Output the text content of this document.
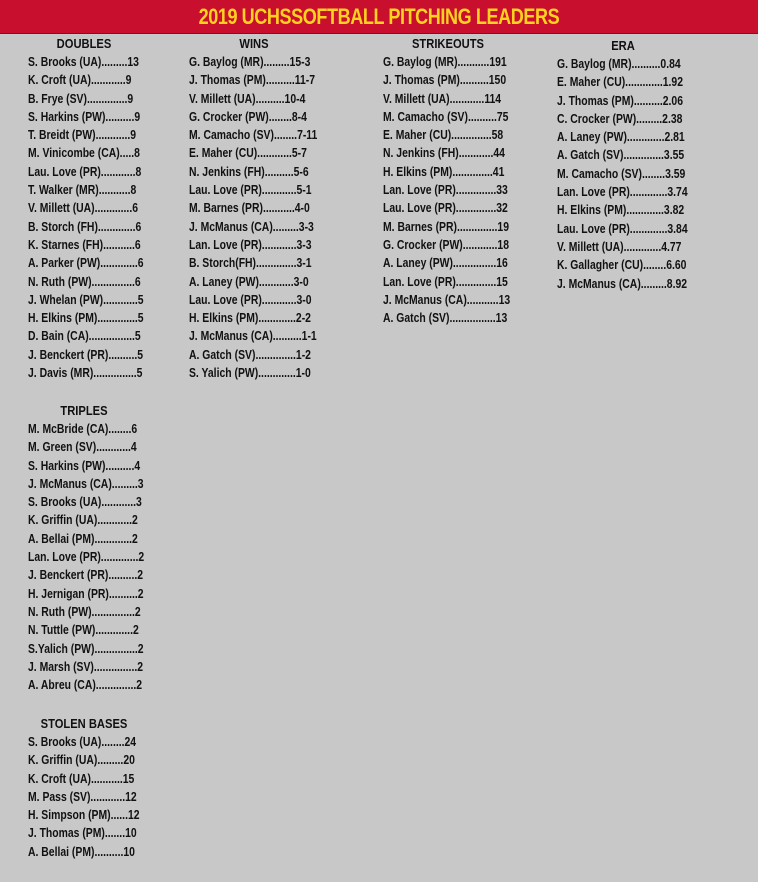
2019 UCHSSOFTBALL PITCHING LEADERS
DOUBLES
S. Brooks (UA).........13
K. Croft (UA)............9
B. Frye (SV)..............9
S. Harkins (PW)..........9
T. Breidt (PW)............9
M. Vinicombe (CA).....8
Lau. Love (PR)............8
T. Walker (MR)...........8
V. Millett (UA).............6
B. Storch (FH).............6
K. Starnes (FH)...........6
A. Parker (PW).............6
N. Ruth (PW)...............6
J. Whelan (PW)............5
H. Elkins (PM)..............5
D. Bain (CA)................5
J. Benckert (PR)..........5
J. Davis (MR)...............5
TRIPLES
M. McBride (CA)........6
M. Green (SV)............4
S. Harkins (PW)..........4
J. McManus (CA).........3
S. Brooks (UA)............3
K. Griffin (UA)............2
A. Bellai (PM).............2
Lan. Love (PR).............2
J. Benckert (PR)..........2
H. Jernigan (PR)..........2
N. Ruth (PW)...............2
N. Tuttle (PW).............2
S.Yalich (PW)...............2
J. Marsh (SV)...............2
A. Abreu (CA)..............2
STOLEN BASES
S. Brooks (UA)........24
K. Griffin (UA).........20
K. Croft (UA)...........15
M. Pass (SV)............12
H. Simpson (PM)......12
J. Thomas (PM).......10
A. Bellai (PM)..........10
WINS
G. Baylog (MR).........15-3
J. Thomas (PM)..........11-7
V. Millett (UA)..........10-4
G. Crocker (PW)........8-4
M. Camacho (SV)........7-11
E. Maher (CU)............5-7
N. Jenkins (FH)..........5-6
Lau. Love (PR)............5-1
M. Barnes (PR)...........4-0
J. McManus (CA).........3-3
Lan. Love (PR)............3-3
B. Storch(FH)..............3-1
A. Laney (PW)............3-0
Lau. Love (PR)............3-0
H. Elkins (PM).............2-2
J. McManus (CA)..........1-1
A. Gatch (SV)..............1-2
S. Yalich (PW).............1-0
STRIKEOUTS
G. Baylog (MR)...........191
J. Thomas (PM)..........150
V. Millett (UA)............114
M. Camacho (SV)..........75
E. Maher (CU)..............58
N. Jenkins (FH)............44
H. Elkins (PM)..............41
Lan. Love (PR)..............33
Lau. Love (PR)..............32
M. Barnes (PR)..............19
G. Crocker (PW)............18
A. Laney (PW)...............16
Lan. Love (PR)..............15
J. McManus (CA)...........13
A. Gatch (SV)................13
ERA
G. Baylog (MR)..........0.84
E. Maher (CU).............1.92
J. Thomas (PM)..........2.06
C. Crocker (PW).........2.38
A. Laney (PW).............2.81
A. Gatch (SV)..............3.55
M. Camacho (SV)........3.59
Lan. Love (PR).............3.74
H. Elkins (PM).............3.82
Lau. Love (PR).............3.84
V. Millett (UA).............4.77
K. Gallagher (CU)........6.60
J. McManus (CA).........8.92
